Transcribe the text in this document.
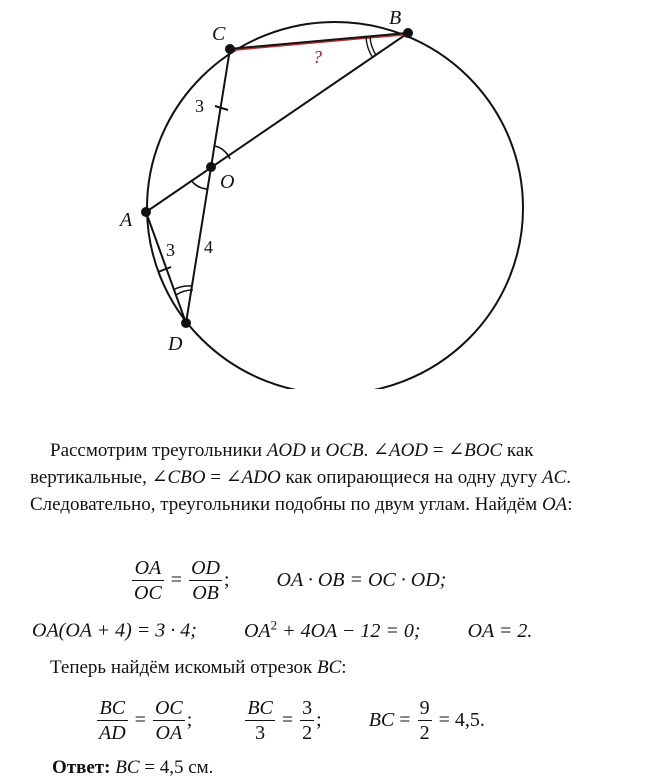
C
B
A
D
O
3
3 4
?
Рассмотрим треугольники AOD и OCB. ∠AOD = ∠BOC как вертикальные, ∠CBO = ∠ADO как опирающиеся на одну дугу AC. Следовательно, треугольники подобны по двум углам. Найдём OA:
$\frac{OA}{OC} = \frac{OD}{OB}$ ; OA · OB = OC · OD;
OA(OA + 4) = 3 · 4; $OA^2 + 4OA - 12 = 0$; OA = 2.
Теперь найдём искомый отрезок BC:
$\frac{BC}{AD} = \frac{OC}{OA}$ ;	$\frac{BC}{3} = \frac{3}{2}$ ; BC = $\frac{9}{2} = 4,5$.
Ответ: BC = 4,5 см.
